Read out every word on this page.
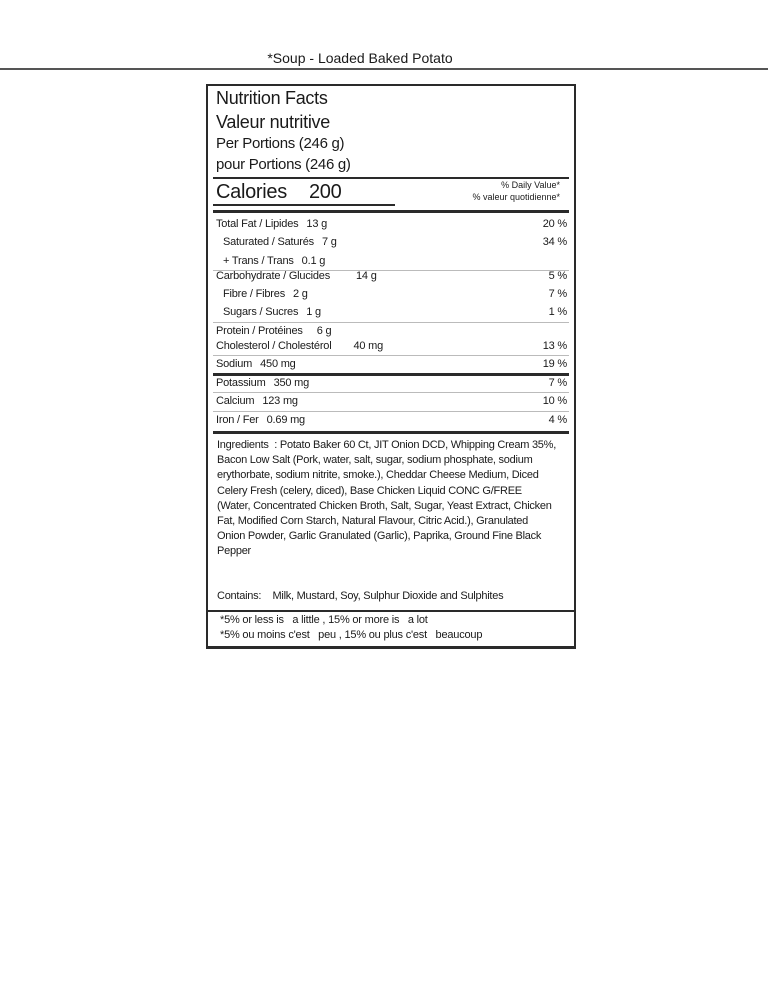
*Soup - Loaded Baked Potato
Nutrition Facts
Valeur nutritive
Per Portions (246 g)
pour Portions (246 g)
Calories 200	% Daily Value*
% valeur quotidienne*
Total Fat / Lipides 13 g	20 %
Saturated / Saturés 7 g	34 %
+ Trans / Trans 0.1 g
Carbohydrate / Glucides 14 g	5 %
Fibre / Fibres 2 g	7 %
Sugars / Sucres 1 g	1 %
Protein / Protéines 6 g
Cholesterol / Cholestérol 40 mg	13 %
Sodium 450 mg	19 %
Potassium 350 mg	7 %
Calcium 123 mg	10 %
Iron / Fer 0.69 mg	4 %
Ingredients  : Potato Baker 60 Ct, JIT Onion DCD, Whipping Cream 35%, Bacon Low Salt (Pork, water, salt, sugar, sodium phosphate, sodium erythorbate, sodium nitrite, smoke.), Cheddar Cheese Medium, Diced Celery Fresh (celery, diced), Base Chicken Liquid CONC G/FREE (Water, Concentrated Chicken Broth, Salt, Sugar, Yeast Extract, Chicken Fat, Modified Corn Starch, Natural Flavour, Citric Acid.), Granulated Onion Powder, Garlic Granulated (Garlic), Paprika, Ground Fine Black Pepper
Contains: Milk, Mustard, Soy, Sulphur Dioxide and Sulphites
*5% or less is   a little , 15% or more is   a lot
*5% ou moins c'est   peu , 15% ou plus c'est   beaucoup
